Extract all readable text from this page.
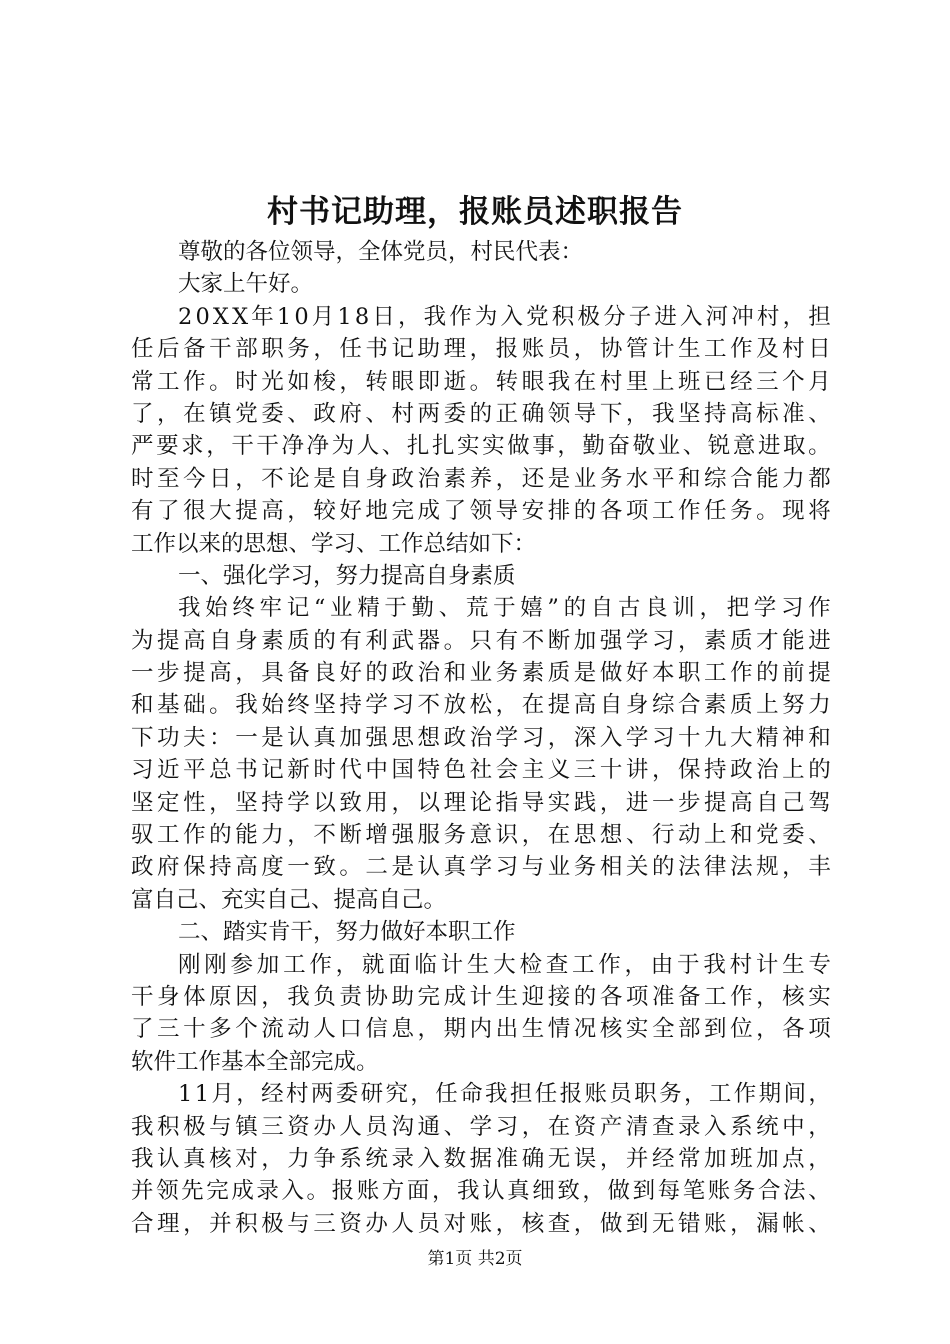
村书记助理，报账员述职报告
尊敬的各位领导，全体党员，村民代表：
大家上午好。
2 0 X X 年 1 0 月 1 8 日 ， 我 作 为 入 党 积 极 分 子 进 入 河 冲 村 ， 担
任 后 备 干 部 职 务 ， 任 书 记 助 理 ， 报 账 员 ， 协 管 计 生 工 作 及 村 日
常 工 作 。 时 光 如 梭 ， 转 眼 即 逝 。 转 眼 我 在 村 里 上 班 已 经 三 个 月
了 ， 在 镇 党 委 、 政 府 、 村 两 委 的 正 确 领 导 下 ， 我 坚 持 高 标 准 、
严 要 求 ， 干 干 净 净 为 人 、 扎 扎 实 实 做 事 ， 勤 奋 敬 业 、 锐 意 进 取 。
时 至 今 日 ， 不 论 是 自 身 政 治 素 养 ， 还 是 业 务 水 平 和 综 合 能 力 都
有 了 很 大 提 高 ， 较 好 地 完 成 了 领 导 安 排 的 各 项 工 作 任 务 。 现 将
工作以来的思想、学习、工作总结如下：
一、强化学习，努力提高自身素质
我 始 终 牢 记 “ 业 精 于 勤 、 荒 于 嬉 ” 的 自 古 良 训 ， 把 学 习 作
为 提 高 自 身 素 质 的 有 利 武 器 。 只 有 不 断 加 强 学 习 ， 素 质 才 能 进
一 步 提 高 ， 具 备 良 好 的 政 治 和 业 务 素 质 是 做 好 本 职 工 作 的 前 提
和 基 础 。 我 始 终 坚 持 学 习 不 放 松 ， 在 提 高 自 身 综 合 素 质 上 努 力
下 功 夫 ： 一 是 认 真 加 强 思 想 政 治 学 习 ， 深 入 学 习 十 九 大 精 神 和
习 近 平 总 书 记 新 时 代 中 国 特 色 社 会 主 义 三 十 讲 ， 保 持 政 治 上 的
坚 定 性 ， 坚 持 学 以 致 用 ， 以 理 论 指 导 实 践 ， 进 一 步 提 高 自 己 驾
驭 工 作 的 能 力 ， 不 断 增 强 服 务 意 识 ， 在 思 想 、 行 动 上 和 党 委 、
政 府 保 持 高 度 一 致 。 二 是 认 真 学 习 与 业 务 相 关 的 法 律 法 规 ， 丰
富自己、充实自己、提高自己。
二、踏实肯干，努力做好本职工作
刚 刚 参 加 工 作 ， 就 面 临 计 生 大 检 查 工 作 ， 由 于 我 村 计 生 专
干 身 体 原 因 ， 我 负 责 协 助 完 成 计 生 迎 接 的 各 项 准 备 工 作 ， 核 实
了 三 十 多 个 流 动 人 口 信 息 ， 期 内 出 生 情 况 核 实 全 部 到 位 ， 各 项
软件工作基本全部完成。
1 1 月 ， 经 村 两 委 研 究 ， 任 命 我 担 任 报 账 员 职 务 ， 工 作 期 间 ，
我 积 极 与 镇 三 资 办 人 员 沟 通 、 学 习 ， 在 资 产 清 查 录 入 系 统 中 ，
我 认 真 核 对 ， 力 争 系 统 录 入 数 据 准 确 无 误 ， 并 经 常 加 班 加 点 ，
并 领 先 完 成 录 入 。 报 账 方 面 ， 我 认 真 细 致 ， 做 到 每 笔 账 务 合 法 、
合 理 ， 并 积 极 与 三 资 办 人 员 对 账 ， 核 查 ， 做 到 无 错 账 ， 漏 帐 、
第1页 共2页
